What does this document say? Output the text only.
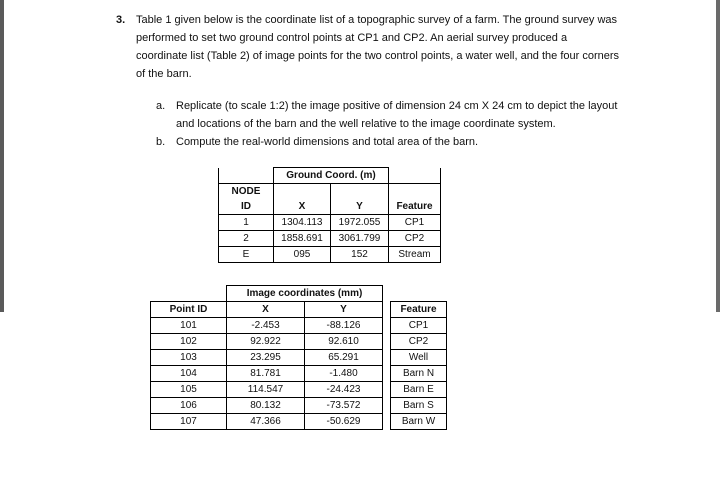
3. Table 1 given below is the coordinate list of a topographic survey of a farm. The ground survey was performed to set two ground control points at CP1 and CP2. An aerial survey produced a coordinate list (Table 2) of image points for the two control points, a water well, and the four corners of the barn.
a. Replicate (to scale 1:2) the image positive of dimension 24 cm X 24 cm to depict the layout and locations of the barn and the well relative to the image coordinate system.
b. Compute the real-world dimensions and total area of the barn.
	Ground Coord. (m)		
NODE			
ID	X	Y	Feature
1	1304.113	1972.055	CP1
2	1858.691	3061.799	CP2
E	095	152	Stream
	Image coordinates (mm)			
Point ID	X	Y		Feature
101	-2.453	-88.126		CP1
102	92.922	92.610		CP2
103	23.295	65.291		Well
104	81.781	-1.480		Barn N
105	114.547	-24.423		Barn E
106	80.132	-73.572		Barn S
107	47.366	-50.629		Barn W
